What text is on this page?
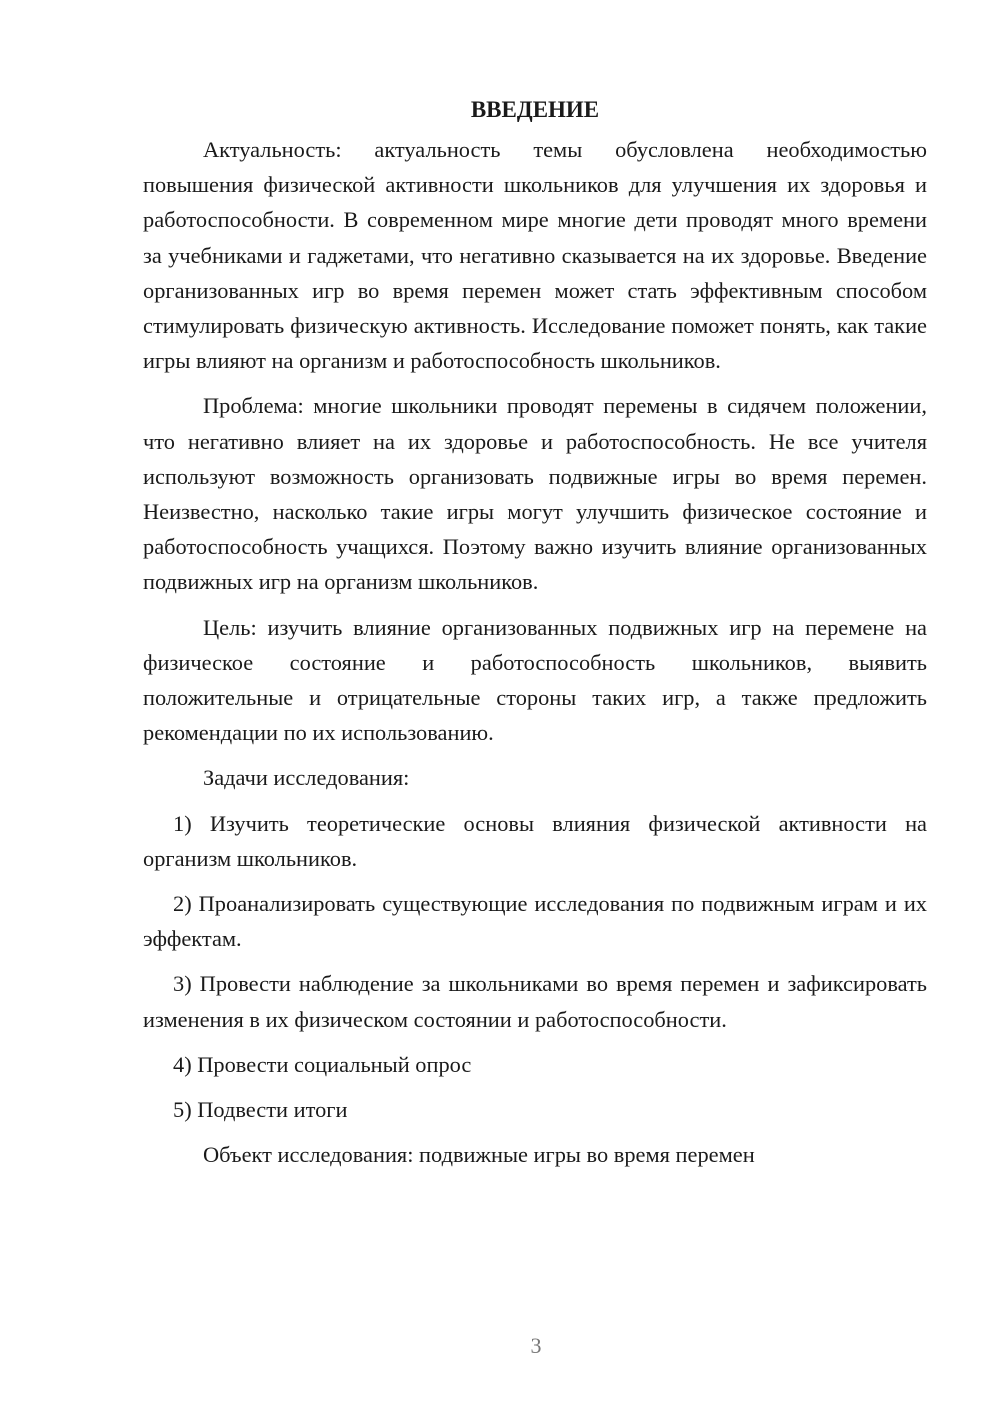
ВВЕДЕНИЕ

Актуальность: актуальность темы обусловлена необходимостью повышения физической активности школьников для улучшения их здоровья и работоспособности. В современном мире многие дети проводят много времени за учебниками и гаджетами, что негативно сказывается на их здоровье. Введение организованных игр во время перемен может стать эффективным способом стимулировать физическую активность. Исследование поможет понять, как такие игры влияют на организм и работоспособность школьников.

Проблема: многие школьники проводят перемены в сидячем положении, что негативно влияет на их здоровье и работоспособность. Не все учителя используют возможность организовать подвижные игры во время перемен. Неизвестно, насколько такие игры могут улучшить физическое состояние и работоспособность учащихся. Поэтому важно изучить влияние организованных подвижных игр на организм школьников.

Цель: изучить влияние организованных подвижных игр на перемене на физическое состояние и работоспособность школьников, выявить положительные и отрицательные стороны таких игр, а также предложить рекомендации по их использованию.

Задачи исследования:

1) Изучить теоретические основы влияния физической активности на организм школьников.

2) Проанализировать существующие исследования по подвижным играм и их эффектам.

3) Провести наблюдение за школьниками во время перемен и зафиксировать изменения в их физическом состоянии и работоспособности.

4) Провести социальный опрос

5) Подвести итоги

Объект исследования: подвижные игры во время перемен

3
